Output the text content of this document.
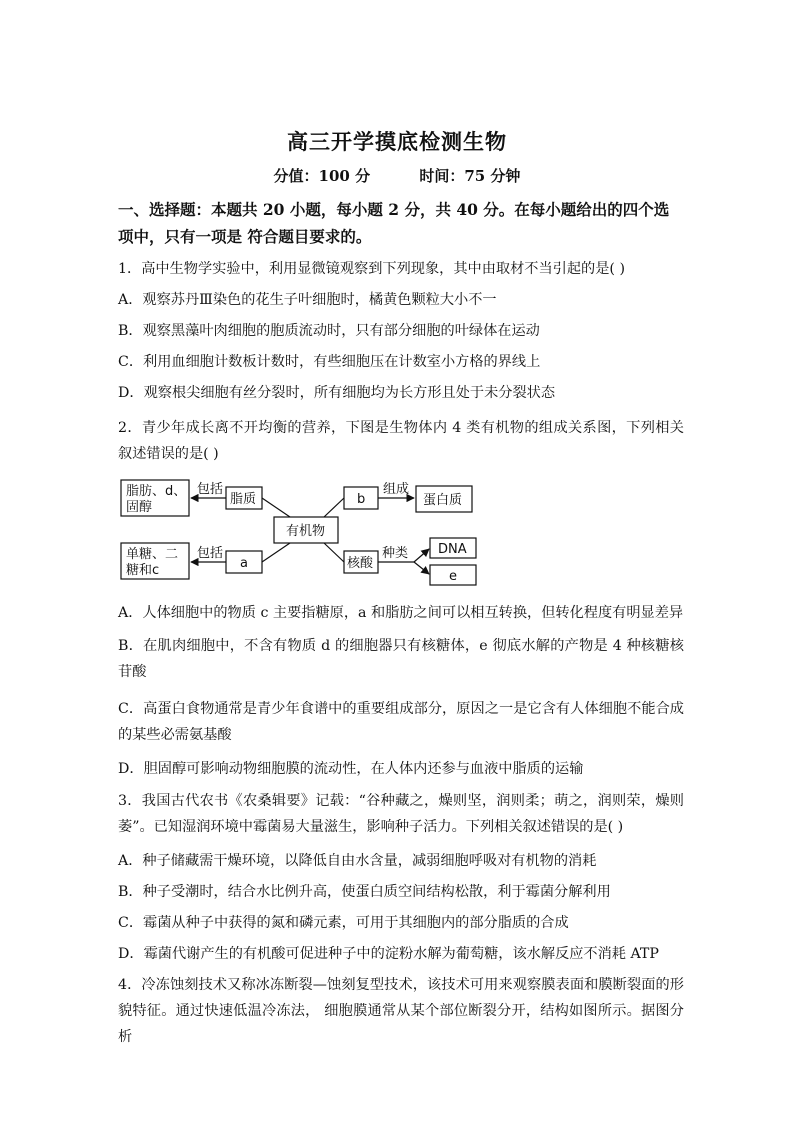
高三开学摸底检测生物
分值：100 分	时间：75 分钟
一、选择题：本题共 20 小题，每小题 2 分，共 40 分。在每小题给出的四个选项中，只有一项是 符合题目要求的。
1．高中生物学实验中，利用显微镜观察到下列现象，其中由取材不当引起的是( )
A．观察苏丹Ⅲ染色的花生子叶细胞时，橘黄色颗粒大小不一
B．观察黑藻叶肉细胞的胞质流动时，只有部分细胞的叶绿体在运动
C．利用血细胞计数板计数时，有些细胞压在计数室小方格的界线上
D．观察根尖细胞有丝分裂时，所有细胞均为长方形且处于未分裂状态
2．青少年成长离不开均衡的营养，下图是生物体内 4 类有机物的组成关系图，下列相关叙述错误的是( )
脂肪、d、
固醇
包括
脂质
有机物
b
组成
蛋白质
单糖、二
糖和c
包括
a	核酸
种类 DNA
e
A．人体细胞中的物质 c 主要指糖原，a 和脂肪之间可以相互转换，但转化程度有明显差异
B．在肌肉细胞中，不含有物质 d 的细胞器只有核糖体，e 彻底水解的产物是 4 种核糖核苷酸
C．高蛋白食物通常是青少年食谱中的重要组成部分，原因之一是它含有人体细胞不能合成的某些必需氨基酸
D．胆固醇可影响动物细胞膜的流动性，在人体内还参与血液中脂质的运输
3．我国古代农书《农桑辑要》记载：“谷种藏之，燥则坚，润则柔；萌之，润则荣，燥则萎”。已知湿润环境中霉菌易大量滋生，影响种子活力。下列相关叙述错误的是( )
A．种子储藏需干燥环境，以降低自由水含量，减弱细胞呼吸对有机物的消耗
B．种子受潮时，结合水比例升高，使蛋白质空间结构松散，利于霉菌分解利用
C．霉菌从种子中获得的氮和磷元素，可用于其细胞内的部分脂质的合成
D．霉菌代谢产生的有机酸可促进种子中的淀粉水解为葡萄糖，该水解反应不消耗 ATP
4．冷冻蚀刻技术又称冰冻断裂—蚀刻复型技术，该技术可用来观察膜表面和膜断裂面的形貌特征。通过快速低温冷冻法， 细胞膜通常从某个部位断裂分开，结构如图所示。据图分析
